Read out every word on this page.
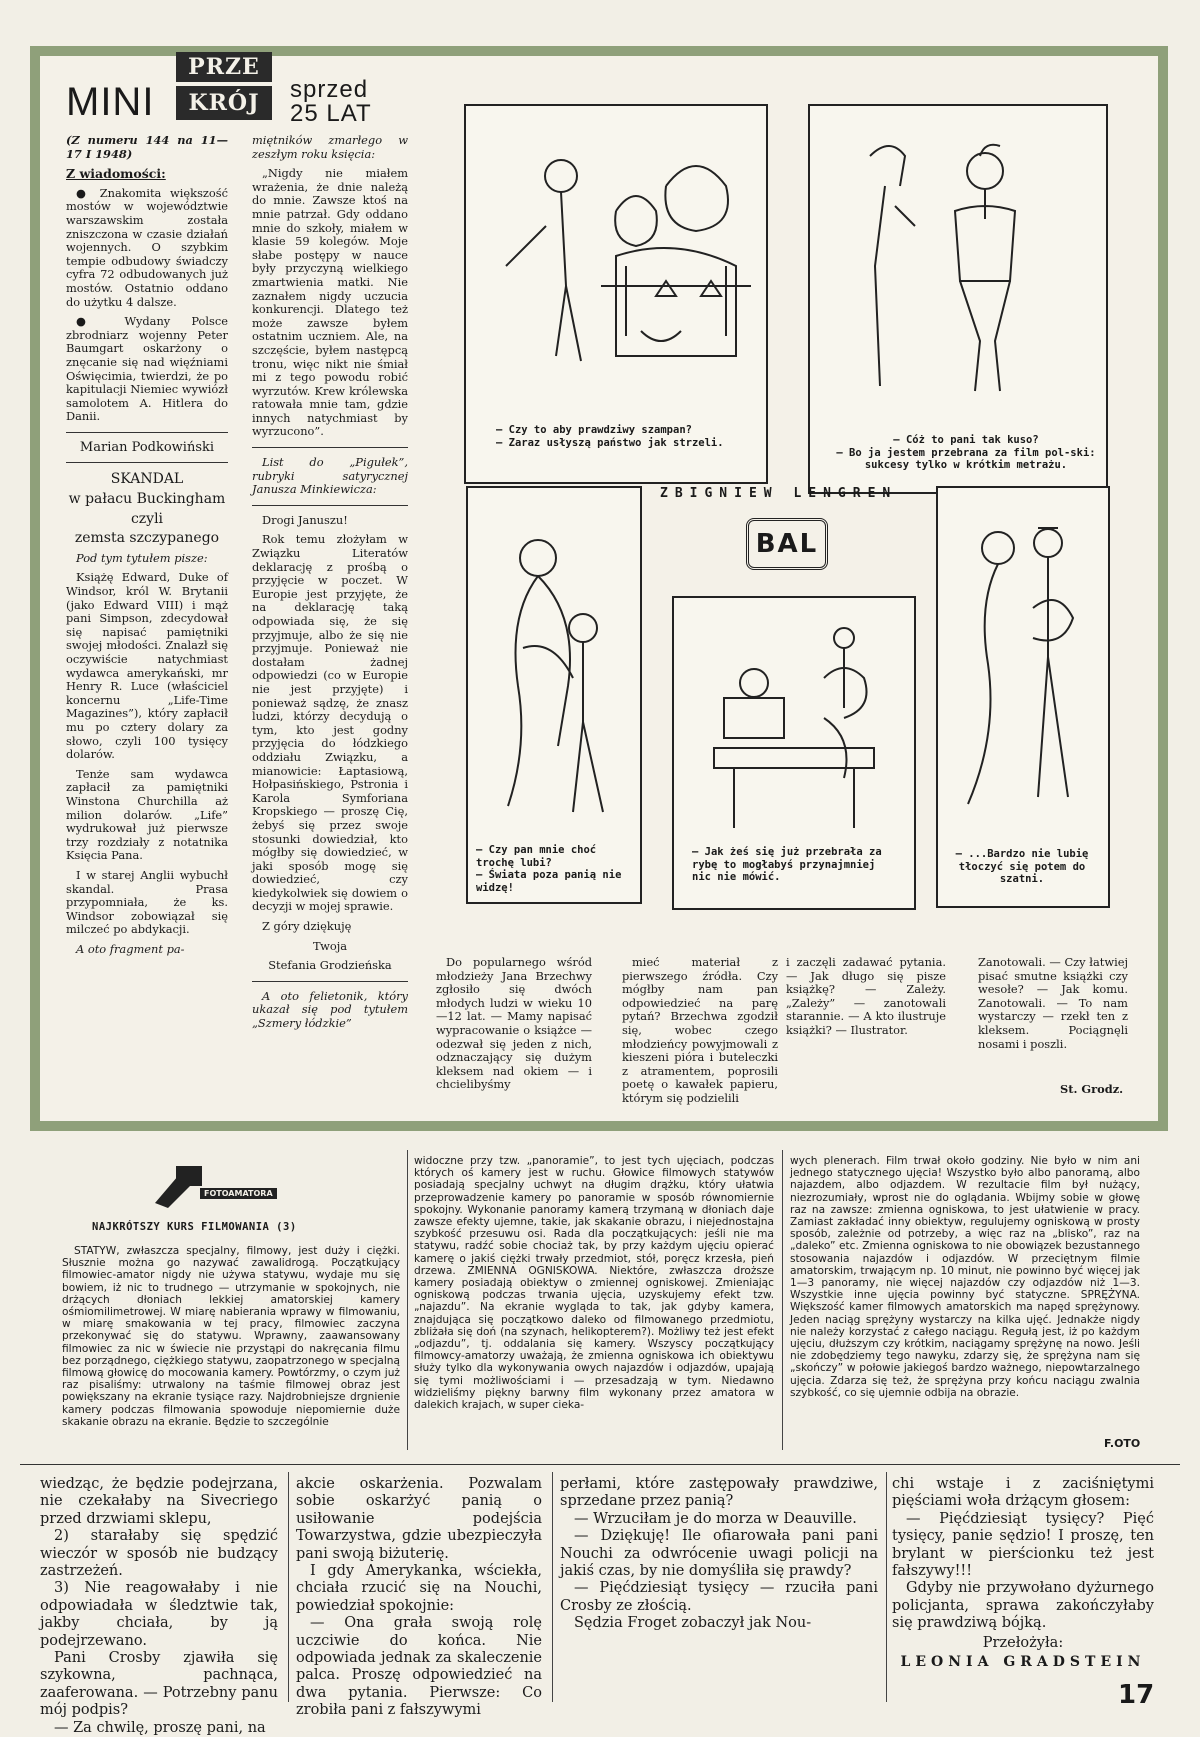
MINI
PRZE
KRÓJ	sprzed
25 LAT

(Z numeru 144 na 11—17 I 1948)

Z wiadomości:

● Znakomita większość mostów w województwie warszawskim została zniszczona w czasie działań wojennych. O szybkim tempie odbudowy świadczy cyfra 72 odbudowanych już mostów. Ostatnio oddano do użytku 4 dalsze.

● Wydany Polsce zbrodniarz wojenny Peter Baumgart oskarżony o znęcanie się nad więźniami Oświęcimia, twierdzi, że po kapitulacji Niemiec wywiózł samolotem A. Hitlera do Danii.

Marian Podkowiński

SKANDAL

w pałacu Buckingham

czyli

zemsta szczypanego

Pod tym tytułem pisze:

Książę Edward, Duke of Windsor, król W. Brytanii (jako Edward VIII) i mąż pani Simpson, zdecydował się napisać pamiętniki swojej młodości. Znalazł się oczywiście natychmiast wydawca amerykański, mr Henry R. Luce (właściciel koncernu „Life-Time Magazines”), który zapłacił mu po cztery dolary za słowo, czyli 100 tysięcy dolarów.

Tenże sam wydawca zapłacił za pamiętniki Winstona Churchilla aż milion dolarów. „Life” wydrukował już pierwsze trzy rozdziały z notatnika Księcia Pana.

I w starej Anglii wybuchł skandal. Prasa przypomniała, że ks. Windsor zobowiązał się milczeć po abdykacji.

A oto fragment pa-

miętników zmarłego w zeszłym roku księcia:

„Nigdy nie miałem wrażenia, że dnie należą do mnie. Zawsze ktoś na mnie patrzał. Gdy oddano mnie do szkoły, miałem w klasie 59 kolegów. Moje słabe postępy w nauce były przyczyną wielkiego zmartwienia matki. Nie zaznałem nigdy uczucia konkurencji. Dlatego też może zawsze byłem ostatnim uczniem. Ale, na szczęście, byłem następcą tronu, więc nikt nie śmiał mi z tego powodu robić wyrzutów. Krew królewska ratowała mnie tam, gdzie innych natychmiast by wyrzucono”.

List do „Pigułek”, rubryki satyrycznej Janusza Minkiewicza:

Drogi Januszu!

Rok temu złożyłam w Związku Literatów deklarację z prośbą o przyjęcie w poczet. W Europie jest przyjęte, że na deklarację taką odpowiada się, że się przyjmuje, albo że się nie przyjmuje. Ponieważ nie dostałam żadnej odpowiedzi (co w Europie nie jest przyjęte) i ponieważ sądzę, że znasz ludzi, którzy decydują o tym, kto jest godny przyjęcia do łódzkiego oddziału Związku, a mianowicie: Łaptasiową, Hołpasińskiego, Pstronia i Karola Symforiana Kropskiego — proszę Cię, żebyś się przez swoje stosunki dowiedział, kto mógłby się dowiedzieć, w jaki sposób mogę się dowiedzieć, czy kiedykolwiek się dowiem o decyzji w mojej sprawie.

Z góry dziękuję

Twoja

Stefania Grodzieńska

A oto felietonik, który ukazał się pod tytułem „Szmery łódzkie”

— Czy to aby prawdziwy szampan?
— Zaraz usłyszą państwo jak strzeli.	— Cóż to pani tak kuso?
— Bo ja jestem przebrana za film pol-ski: sukcesy tylko w krótkim metrażu.
ZBIGNIEW LENGREN
BAL
— Czy pan mnie choć trochę lubi?
— Świata poza panią nie widzę!
— Jak żeś się już przebrała za rybę to mogłabyś przynajmniej nic nie mówić.
— ...Bardzo nie lubię tłoczyć się potem do szatni.
Do popularnego wśród młodzieży Jana Brzechwy zgłosiło się dwóch młodych ludzi w wieku 10—12 lat. — Mamy napisać wypracowanie o książce — odezwał się jeden z nich, odznaczający się dużym kleksem nad okiem — i chcielibyśmy
mieć materiał z pierwszego źródła. Czy mógłby nam pan odpowiedzieć na parę pytań? Brzechwa zgodził się, wobec czego młodzieńcy powyjmowali z kieszeni pióra i buteleczki z atramentem, poprosili poetę o kawałek papieru, którym się podzielili
i zaczęli zadawać pytania. — Jak długo się pisze książkę? — Zależy. „Zależy” — zanotowali starannie. — A kto ilustruje książki? — Ilustrator.
Zanotowali. — Czy łatwiej pisać smutne książki czy wesołe? — Jak komu. Zanotowali. — To nam wystarczy — rzekł ten z kleksem. Pociągnęli nosami i poszli.
St. Grodz.
FOTOAMATORA
NAJKRÓTSZY KURS FILMOWANIA (3)
STATYW, zwłaszcza specjalny, filmowy, jest duży i ciężki. Słusznie można go nazywać zawalidrogą. Początkujący filmowiec-amator nigdy nie używa statywu, wydaje mu się bowiem, iż nic to trudnego — utrzymanie w spokojnych, nie drżących dłoniach lekkiej amatorskiej kamery ośmiomilimetrowej. W miarę nabierania wprawy w filmowaniu, w miarę smakowania w tej pracy, filmowiec zaczyna przekonywać się do statywu. Wprawny, zaawansowany filmowiec za nic w świecie nie przystąpi do nakręcania filmu bez porządnego, ciężkiego statywu, zaopatrzonego w specjalną filmową głowicę do mocowania kamery. Powtórzmy, o czym już raz pisaliśmy: utrwalony na taśmie filmowej obraz jest powiększany na ekranie tysiące razy. Najdrobniejsze drgnienie kamery podczas filmowania spowoduje niepomiernie duże skakanie obrazu na ekranie. Będzie to szczególnie
widoczne przy tzw. „panoramie”, to jest tych ujęciach, podczas których oś kamery jest w ruchu. Głowice filmowych statywów posiadają specjalny uchwyt na długim drążku, który ułatwia przeprowadzenie kamery po panoramie w sposób równomiernie spokojny. Wykonanie panoramy kamerą trzymaną w dłoniach daje zawsze efekty ujemne, takie, jak skakanie obrazu, i niejednostajna szybkość przesuwu osi. Rada dla początkujących: jeśli nie ma statywu, radźć sobie chociaż tak, by przy każdym ujęciu opierać kamerę o jakiś ciężki trwały przedmiot, stół, poręcz krzesła, pień drzewa. ZMIENNA OGNISKOWA. Niektóre, zwłaszcza droższe kamery posiadają obiektyw o zmiennej ogniskowej. Zmieniając ogniskową podczas trwania ujęcia, uzyskujemy efekt tzw. „najazdu”. Na ekranie wygląda to tak, jak gdyby kamera, znajdująca się początkowo daleko od filmowanego przedmiotu, zbliżała się doń (na szynach, helikopterem?). Możliwy też jest efekt „odjazdu”, tj. oddalania się kamery. Wszyscy początkujący filmowcy-amatorzy uważają, że zmienna ogniskowa ich obiektywu służy tylko dla wykonywania owych najazdów i odjazdów, upajają się tymi możliwościami i — przesadzają w tym. Niedawno widzieliśmy piękny barwny film wykonany przez amatora w dalekich krajach, w super cieka-
wych plenerach. Film trwał około godziny. Nie było w nim ani jednego statycznego ujęcia! Wszystko było albo panoramą, albo najazdem, albo odjazdem. W rezultacie film był nużący, niezrozumiały, wprost nie do oglądania. Wbijmy sobie w głowę raz na zawsze: zmienna ogniskowa, to jest ułatwienie w pracy. Zamiast zakładać inny obiektyw, regulujemy ogniskową w prosty sposób, zależnie od potrzeby, a więc raz na „blisko”, raz na „daleko” etc. Zmienna ogniskowa to nie obowiązek bezustannego stosowania najazdów i odjazdów. W przeciętnym filmie amatorskim, trwającym np. 10 minut, nie powinno być więcej jak 1—3 panoramy, nie więcej najazdów czy odjazdów niż 1—3. Wszystkie inne ujęcia powinny być statyczne. SPRĘŻYNA. Większość kamer filmowych amatorskich ma napęd sprężynowy. Jeden naciąg sprężyny wystarczy na kilka ujęć. Jednakże nigdy nie należy korzystać z całego naciągu. Regułą jest, iż po każdym ujęciu, dłuższym czy krótkim, naciągamy sprężynę na nowo. Jeśli nie zdobędziemy tego nawyku, zdarzy się, że sprężyna nam się „skończy” w połowie jakiegoś bardzo ważnego, niepowtarzalnego ujęcia. Zdarza się też, że sprężyna przy końcu naciągu zwalnia szybkość, co się ujemnie odbija na obrazie.
F.OTO

wiedząc, że będzie podejrzana, nie czekałaby na Sivecriego przed drzwiami sklepu,

2) starałaby się spędzić wieczór w sposób nie budzący zastrzeżeń.

3) Nie reagowałaby i nie odpowiadała w śledztwie tak, jakby chciała, by ją podejrzewano.

Pani Crosby zjawiła się szykowna, pachnąca, zaaferowana. — Potrzebny panu mój podpis?

— Za chwilę, proszę pani, na

akcie oskarżenia. Pozwalam sobie oskarżyć panią o usiłowanie podejścia Towarzystwa, gdzie ubezpieczyła pani swoją biżuterię.

I gdy Amerykanka, wściekła, chciała rzucić się na Nouchi, powiedział spokojnie:

— Ona grała swoją rolę uczciwie do końca. Nie odpowiada jednak za skaleczenie palca. Proszę odpowiedzieć na dwa pytania. Pierwsze: Co zrobiła pani z fałszywymi

perłami, które zastępowały prawdziwe, sprzedane przez panią?

— Wrzuciłam je do morza w Deauville.

— Dziękuję! Ile ofiarowała pani pani Nouchi za odwrócenie uwagi policji na jakiś czas, by nie domyśliła się prawdy?

— Pięćdziesiąt tysięcy — rzuciła pani Crosby ze złością.

Sędzia Froget zobaczył jak Nou-

chi wstaje i z zaciśniętymi pięściami woła drżącym głosem:

— Pięćdziesiąt tysięcy? Pięć tysięcy, panie sędzio! I proszę, ten brylant w pierścionku też jest fałszywy!!!

Gdyby nie przywołano dyżurnego policjanta, sprawa zakończyłaby się prawdziwą bójką.

Przełożyła:

LEONIA GRADSTEIN

17
